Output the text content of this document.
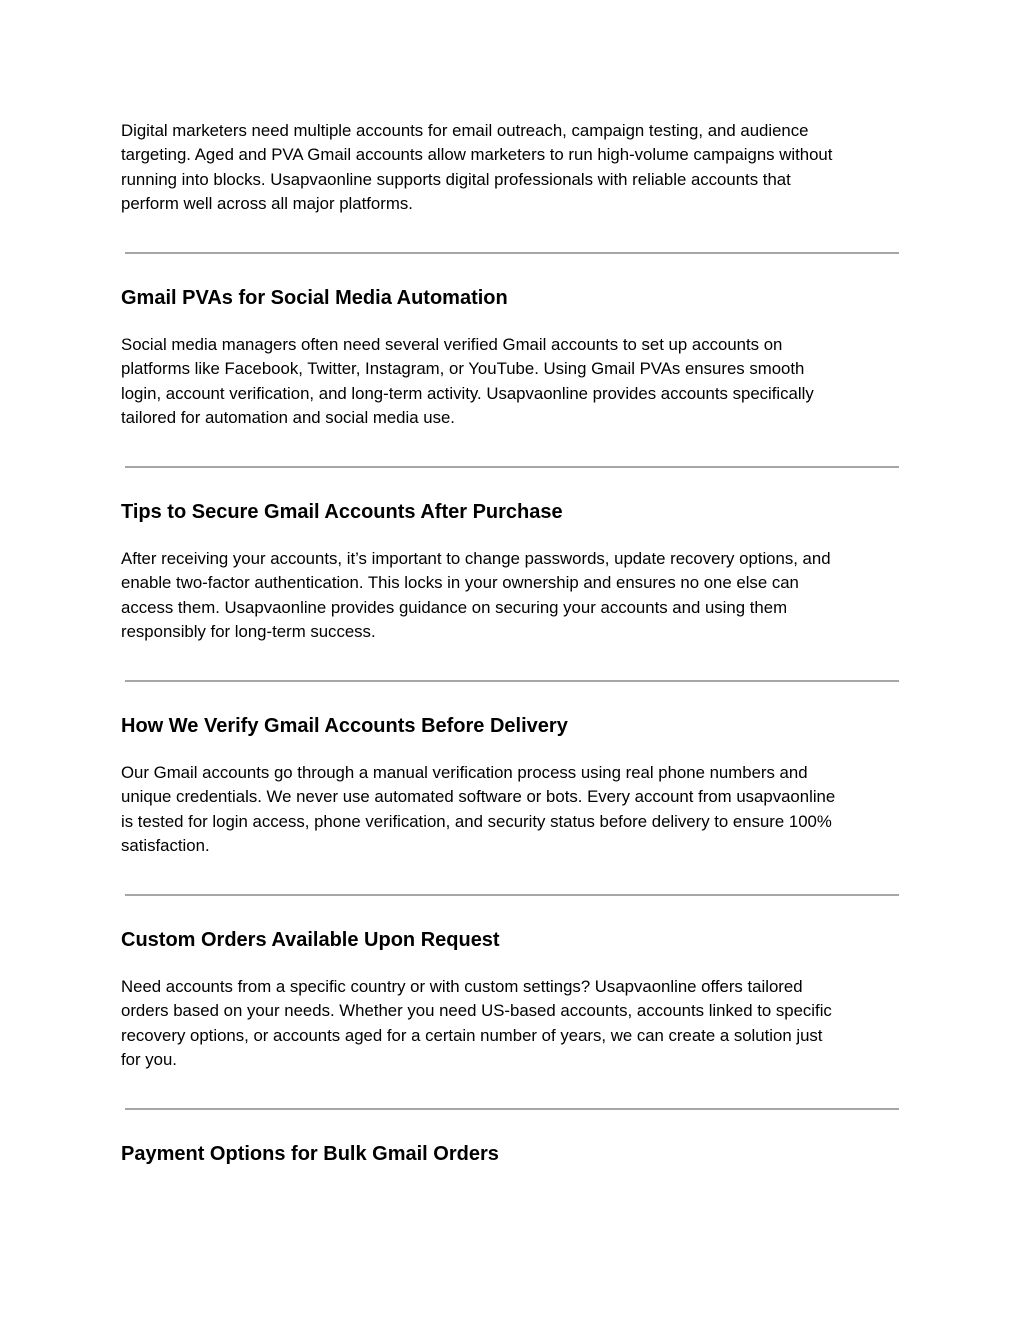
Digital marketers need multiple accounts for email outreach, campaign testing, and audience
targeting. Aged and PVA Gmail accounts allow marketers to run high-volume campaigns without
running into blocks. Usapvaonline supports digital professionals with reliable accounts that
perform well across all major platforms.
Gmail PVAs for Social Media Automation
Social media managers often need several verified Gmail accounts to set up accounts on
platforms like Facebook, Twitter, Instagram, or YouTube. Using Gmail PVAs ensures smooth
login, account verification, and long-term activity. Usapvaonline provides accounts specifically
tailored for automation and social media use.
Tips to Secure Gmail Accounts After Purchase
After receiving your accounts, it’s important to change passwords, update recovery options, and
enable two-factor authentication. This locks in your ownership and ensures no one else can
access them. Usapvaonline provides guidance on securing your accounts and using them
responsibly for long-term success.
How We Verify Gmail Accounts Before Delivery
Our Gmail accounts go through a manual verification process using real phone numbers and
unique credentials. We never use automated software or bots. Every account from usapvaonline
is tested for login access, phone verification, and security status before delivery to ensure 100%
satisfaction.
Custom Orders Available Upon Request
Need accounts from a specific country or with custom settings? Usapvaonline offers tailored
orders based on your needs. Whether you need US-based accounts, accounts linked to specific
recovery options, or accounts aged for a certain number of years, we can create a solution just
for you.
Payment Options for Bulk Gmail Orders
